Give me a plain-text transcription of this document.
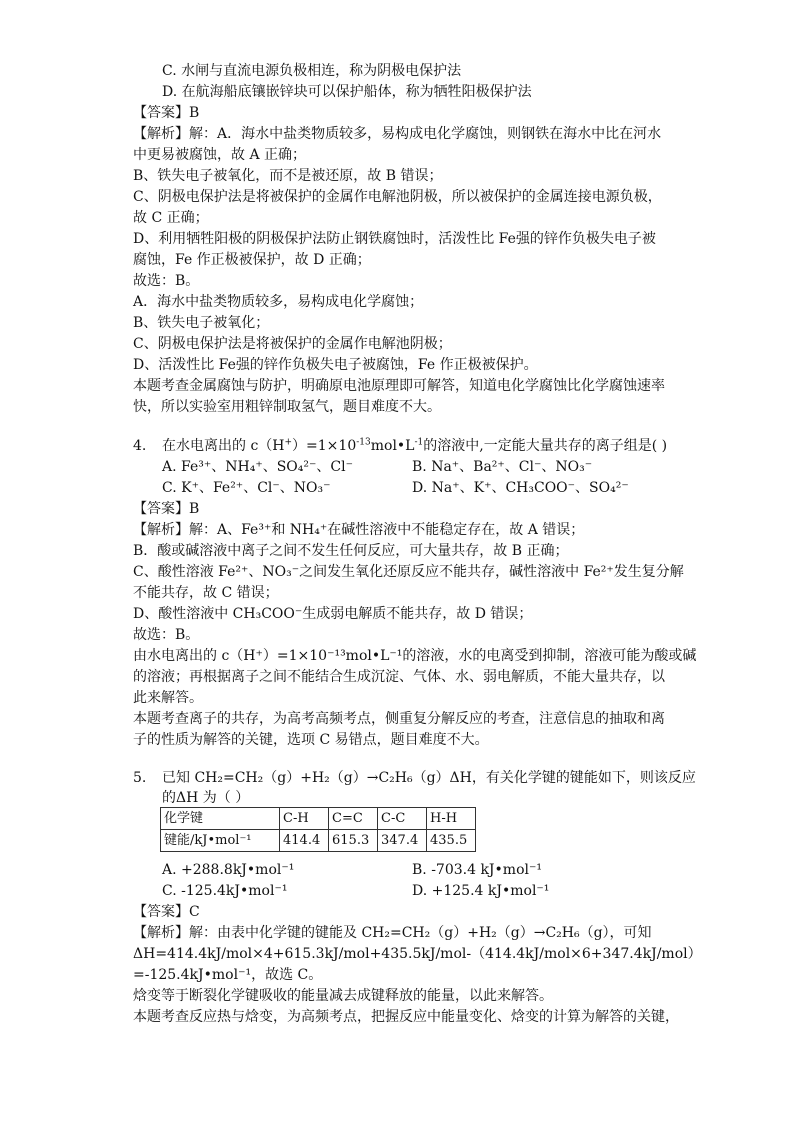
C. 水闸与直流电源负极相连，称为阴极电保护法
D. 在航海船底镶嵌锌块可以保护船体，称为牺牲阳极保护法
【答案】B
【解析】解：A．海水中盐类物质较多，易构成电化学腐蚀，则钢铁在海水中比在河水
中更易被腐蚀，故 A 正确；
B、铁失电子被氧化，而不是被还原，故 B 错误；
C、阴极电保护法是将被保护的金属作电解池阴极，所以被保护的金属连接电源负极，
故 C 正确；
D、利用牺牲阳极的阴极保护法防止钢铁腐蚀时，活泼性比 Fe强的锌作负极失电子被
腐蚀，Fe 作正极被保护，故 D 正确；
故选：B。
A．海水中盐类物质较多，易构成电化学腐蚀；
B、铁失电子被氧化；
C、阴极电保护法是将被保护的金属作电解池阴极；
D、活泼性比 Fe强的锌作负极失电子被腐蚀，Fe 作正极被保护。
本题考查金属腐蚀与防护，明确原电池原理即可解答，知道电化学腐蚀比化学腐蚀速率
快，所以实验室用粗锌制取氢气，题目难度不大。
4. 在水电离出的 $c(H^+)=1\times 10^{-13}mol•L^{-1}$的溶液中,一定能大量共存的离子组是( )
A. Fe³⁺、NH₄⁺、SO₄²⁻、Cl⁻	B. Na⁺、Ba²⁺、Cl⁻、NO₃⁻
C. K⁺、Fe²⁺、Cl⁻、NO₃⁻	D. Na⁺、K⁺、CH₃COO⁻、SO₄²⁻
【答案】B
【解析】解：A、Fe³⁺和 NH₄⁺在碱性溶液中不能稳定存在，故 A 错误；
B．酸或碱溶液中离子之间不发生任何反应，可大量共存，故 B 正确；
C、酸性溶液 Fe²⁺、NO₃⁻之间发生氧化还原反应不能共存，碱性溶液中 Fe²⁺发生复分解
不能共存，故 C 错误；
D、酸性溶液中 CH₃COO⁻生成弱电解质不能共存，故 D 错误；
故选：B。
由水电离出的 c（H⁺）=1×10⁻¹³mol•L⁻¹的溶液，水的电离受到抑制，溶液可能为酸或碱
的溶液；再根据离子之间不能结合生成沉淀、气体、水、弱电解质，不能大量共存，以
此来解答。
本题考查离子的共存，为高考高频考点，侧重复分解反应的考查，注意信息的抽取和离
子的性质为解答的关键，选项 C 易错点，题目难度不大。
5. 已知 CH₂=CH₂（g）+H₂（g）→C₂H₆（g）ΔH，有关化学键的键能如下，则该反应
的ΔH 为（ ）
化学键	C-H	C=C	C-C	H-H
键能/kJ•mol⁻¹	414.4	615.3	347.4	435.5
A. +288.8kJ•mol⁻¹	B. -703.4 kJ•mol⁻¹
C. -125.4kJ•mol⁻¹	D. +125.4 kJ•mol⁻¹
【答案】C
【解析】解：由表中化学键的键能及 CH₂=CH₂（g）+H₂（g）→C₂H₆（g），可知
ΔH=414.4kJ/mol×4+615.3kJ/mol+435.5kJ/mol-（414.4kJ/mol×6+347.4kJ/mol）
=-125.4kJ•mol⁻¹，故选 C。
焓变等于断裂化学键吸收的能量减去成键释放的能量，以此来解答。
本题考查反应热与焓变，为高频考点，把握反应中能量变化、焓变的计算为解答的关键，
